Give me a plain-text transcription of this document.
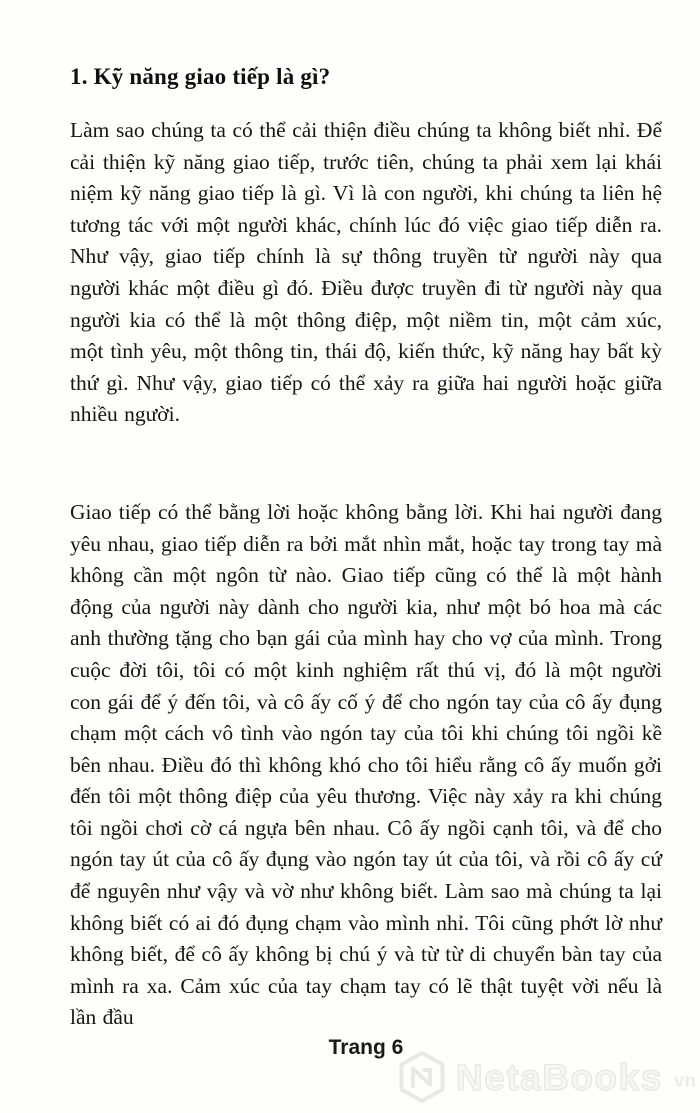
1. Kỹ năng giao tiếp là gì?
Làm sao chúng ta có thể cải thiện điều chúng ta không biết nhỉ. Để cải thiện kỹ năng giao tiếp, trước tiên, chúng ta phải xem lại khái niệm kỹ năng giao tiếp là gì. Vì là con người, khi chúng ta liên hệ tương tác với một người khác, chính lúc đó việc giao tiếp diễn ra. Như vậy, giao tiếp chính là sự thông truyền từ người này qua người khác một điều gì đó. Điều được truyền đi từ người này qua người kia có thể là một thông điệp, một niềm tin, một cảm xúc, một tình yêu, một thông tin, thái độ, kiến thức, kỹ năng hay bất kỳ thứ gì. Như vậy, giao tiếp có thể xảy ra giữa hai người hoặc giữa nhiều người.
Giao tiếp có thể bằng lời hoặc không bằng lời. Khi hai người đang yêu nhau, giao tiếp diễn ra bởi mắt nhìn mắt, hoặc tay trong tay mà không cần một ngôn từ nào. Giao tiếp cũng có thể là một hành động của người này dành cho người kia, như một bó hoa mà các anh thường tặng cho bạn gái của mình hay cho vợ của mình. Trong cuộc đời tôi, tôi có một kinh nghiệm rất thú vị, đó là một người con gái để ý đến tôi, và cô ấy cố ý để cho ngón tay của cô ấy đụng chạm một cách vô tình vào ngón tay của tôi khi chúng tôi ngồi kề bên nhau. Điều đó thì không khó cho tôi hiểu rằng cô ấy muốn gởi đến tôi một thông điệp của yêu thương. Việc này xảy ra khi chúng tôi ngồi chơi cờ cá ngựa bên nhau. Cô ấy ngồi cạnh tôi, và để cho ngón tay út của cô ấy đụng vào ngón tay út của tôi, và rồi cô ấy cứ để nguyên như vậy và vờ như không biết. Làm sao mà chúng ta lại không biết có ai đó đụng chạm vào mình nhỉ. Tôi cũng phớt lờ như không biết, để cô ấy không bị chú ý và từ từ di chuyển bàn tay của mình ra xa. Cảm xúc của tay chạm tay có lẽ thật tuyệt vời nếu là lần đầu
Trang 6
NetaBooks vn
